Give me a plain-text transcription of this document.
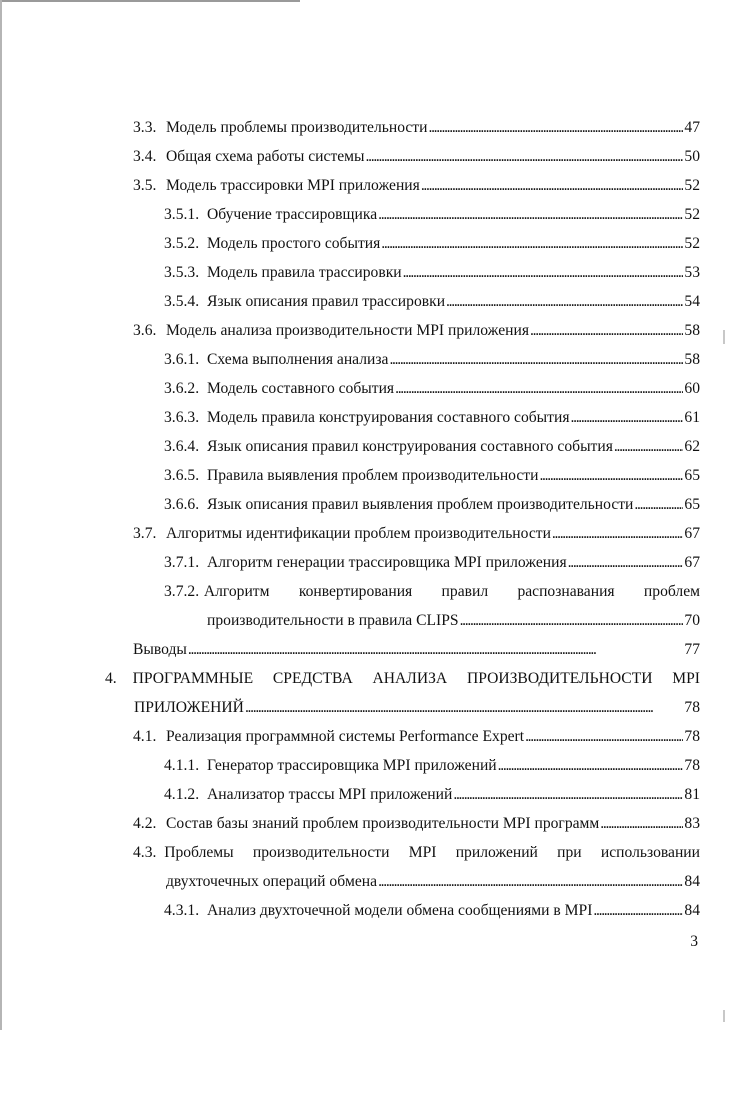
3.3. Модель проблемы производительности . . .	47
3.4. Общая схема работы системы . . .	50
3.5. Модель трассировки MPI приложения . . .	52
3.5.1. Обучение трассировщика . . .	52
3.5.2. Модель простого события . . .	52
3.5.3. Модель правила трассировки . . .	53
3.5.4. Язык описания правил трассировки . . .	54
3.6. Модель анализа производительности MPI приложения . . .	58
3.6.1. Схема выполнения анализа . . .	58
3.6.2. Модель составного события . . .	60
3.6.3. Модель правила конструирования составного события . . .	61
3.6.4. Язык описания правил конструирования составного события . . .	62
3.6.5. Правила выявления проблем производительности . . .	65
3.6.6. Язык описания правил выявления проблем производительности . . .	65
3.7. Алгоритмы идентификации проблем производительности . . .	67
3.7.1. Алгоритм генерации трассировщика MPI приложения . . .	67
3.7.2. Алгоритм конвертирования правил распознавания проблем
производительности в правила CLIPS . . .	70
Выводы . . .	77
4.	ПРОГРАММНЫЕ СРЕДСТВА АНАЛИЗА ПРОИЗВОДИТЕЛЬНОСТИ MPI
ПРИЛОЖЕНИЙ . . .	78
4.1. Реализация программной системы Performance Expert . . .	78
4.1.1. Генератор трассировщика MPI приложений . . .	78
4.1.2. Анализатор трассы MPI приложений . . .	81
4.2. Состав базы знаний проблем производительности MPI программ . . .	83
4.3. Проблемы производительности MPI приложений при использовании
двухточечных операций обмена . . .	84
4.3.1. Анализ двухточечной модели обмена сообщениями в MPI . . .	84
3
